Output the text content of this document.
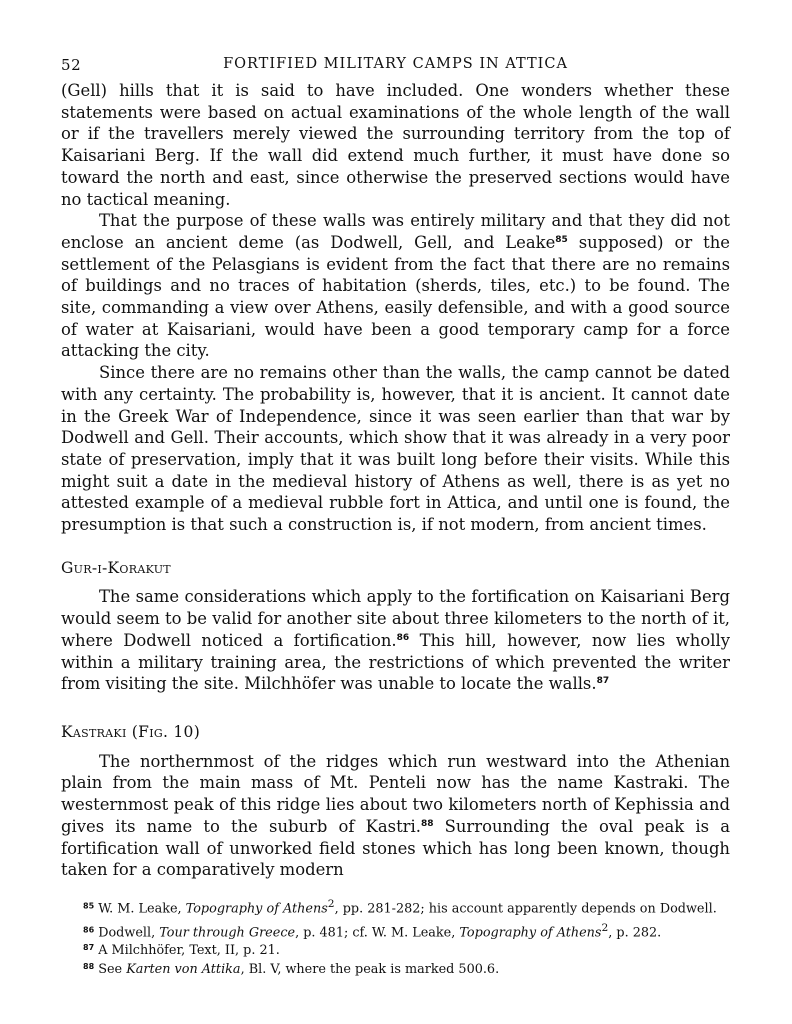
52	FORTIFIED MILITARY CAMPS IN ATTICA

(Gell) hills that it is said to have included. One wonders whether these statements were based on actual examinations of the whole length of the wall or if the travellers merely viewed the surrounding territory from the top of Kaisariani Berg. If the wall did extend much further, it must have done so toward the north and east, since otherwise the preserved sections would have no tactical meaning.

That the purpose of these walls was entirely military and that they did not enclose an ancient deme (as Dodwell, Gell, and Leake$^{85}$ supposed) or the settlement of the Pelasgians is evident from the fact that there are no remains of buildings and no traces of habitation (sherds, tiles, etc.) to be found. The site, commanding a view over Athens, easily defensible, and with a good source of water at Kaisariani, would have been a good temporary camp for a force attacking the city.

Since there are no remains other than the walls, the camp cannot be dated with any certainty. The probability is, however, that it is ancient. It cannot date in the Greek War of Independence, since it was seen earlier than that war by Dodwell and Gell. Their accounts, which show that it was already in a very poor state of preservation, imply that it was built long before their visits. While this might suit a date in the medieval history of Athens as well, there is as yet no attested example of a medieval rubble fort in Attica, and until one is found, the presumption is that such a construction is, if not modern, from ancient times.

Gur-i-Korakut

The same considerations which apply to the fortification on Kaisariani Berg would seem to be valid for another site about three kilometers to the north of it, where Dodwell noticed a fortification.$^{86}$ This hill, however, now lies wholly within a military training area, the restrictions of which prevented the writer from visiting the site. Milchhöfer was unable to locate the walls.$^{87}$

Kastraki (Fig. 10)

The northernmost of the ridges which run westward into the Athenian plain from the main mass of Mt. Penteli now has the name Kastraki. The westernmost peak of this ridge lies about two kilometers north of Kephissia and gives its name to the suburb of Kastri.$^{88}$ Surrounding the oval peak is a fortification wall of unworked field stones which has long been known, though taken for a comparatively modern

$^{85}$ W. M. Leake, Topography of Athens$^2$, pp. 281-282; his account apparently depends on Dodwell.

$^{86}$ Dodwell, Tour through Greece, p. 481; cf. W. M. Leake, Topography of Athens$^2$, p. 282.

$^{87}$ A Milchhöfer, Text, II, p. 21.

$^{88}$ See Karten von Attika, Bl. V, where the peak is marked 500.6.
